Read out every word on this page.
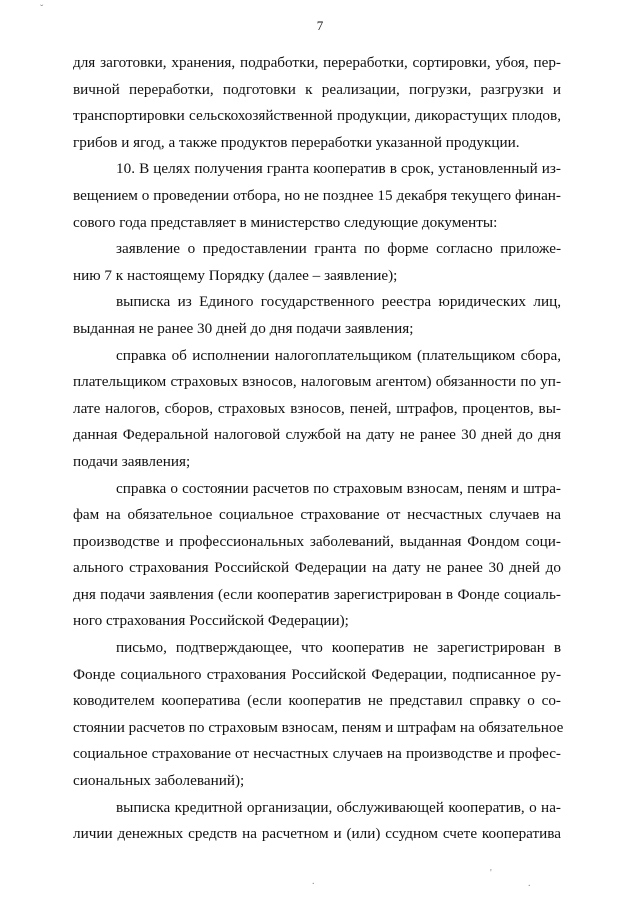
ˇ
7
для заготовки, хранения, подработки, переработки, сортировки, убоя, пер-
вичной переработки, подготовки к реализации, погрузки, разгрузки и
транспортировки сельскохозяйственной продукции, дикорастущих плодов,
грибов и ягод, а также продуктов переработки указанной продукции.
10. В целях получения гранта кооператив в срок, установленный из-
вещением о проведении отбора, но не позднее 15 декабря текущего финан-
сового года представляет в министерство следующие документы:
заявление о предоставлении гранта по форме согласно приложе-
нию 7 к настоящему Порядку (далее – заявление);
выписка из Единого государственного реестра юридических лиц,
выданная не ранее 30 дней до дня подачи заявления;
справка об исполнении налогоплательщиком (плательщиком сбора,
плательщиком страховых взносов, налоговым агентом) обязанности по уп-
лате налогов, сборов, страховых взносов, пеней, штрафов, процентов, вы-
данная Федеральной налоговой службой на дату не ранее 30 дней до дня
подачи заявления;
справка о состоянии расчетов по страховым взносам, пеням и штра-
фам на обязательное социальное страхование от несчастных случаев на
производстве и профессиональных заболеваний, выданная Фондом соци-
ального страхования Российской Федерации на дату не ранее 30 дней до
дня подачи заявления (если кооператив зарегистрирован в Фонде социаль-
ного страхования Российской Федерации);
письмо, подтверждающее, что кооператив не зарегистрирован в
Фонде социального страхования Российской Федерации, подписанное ру-
ководителем кооператива (если кооператив не представил справку о со-
стоянии расчетов по страховым взносам, пеням и штрафам на обязательное
социальное страхование от несчастных случаев на производстве и профес-
сиональных заболеваний);
выписка кредитной организации, обслуживающей кооператив, о на-
личии денежных средств на расчетном и (или) ссудном счете кооператива
.
'
.
